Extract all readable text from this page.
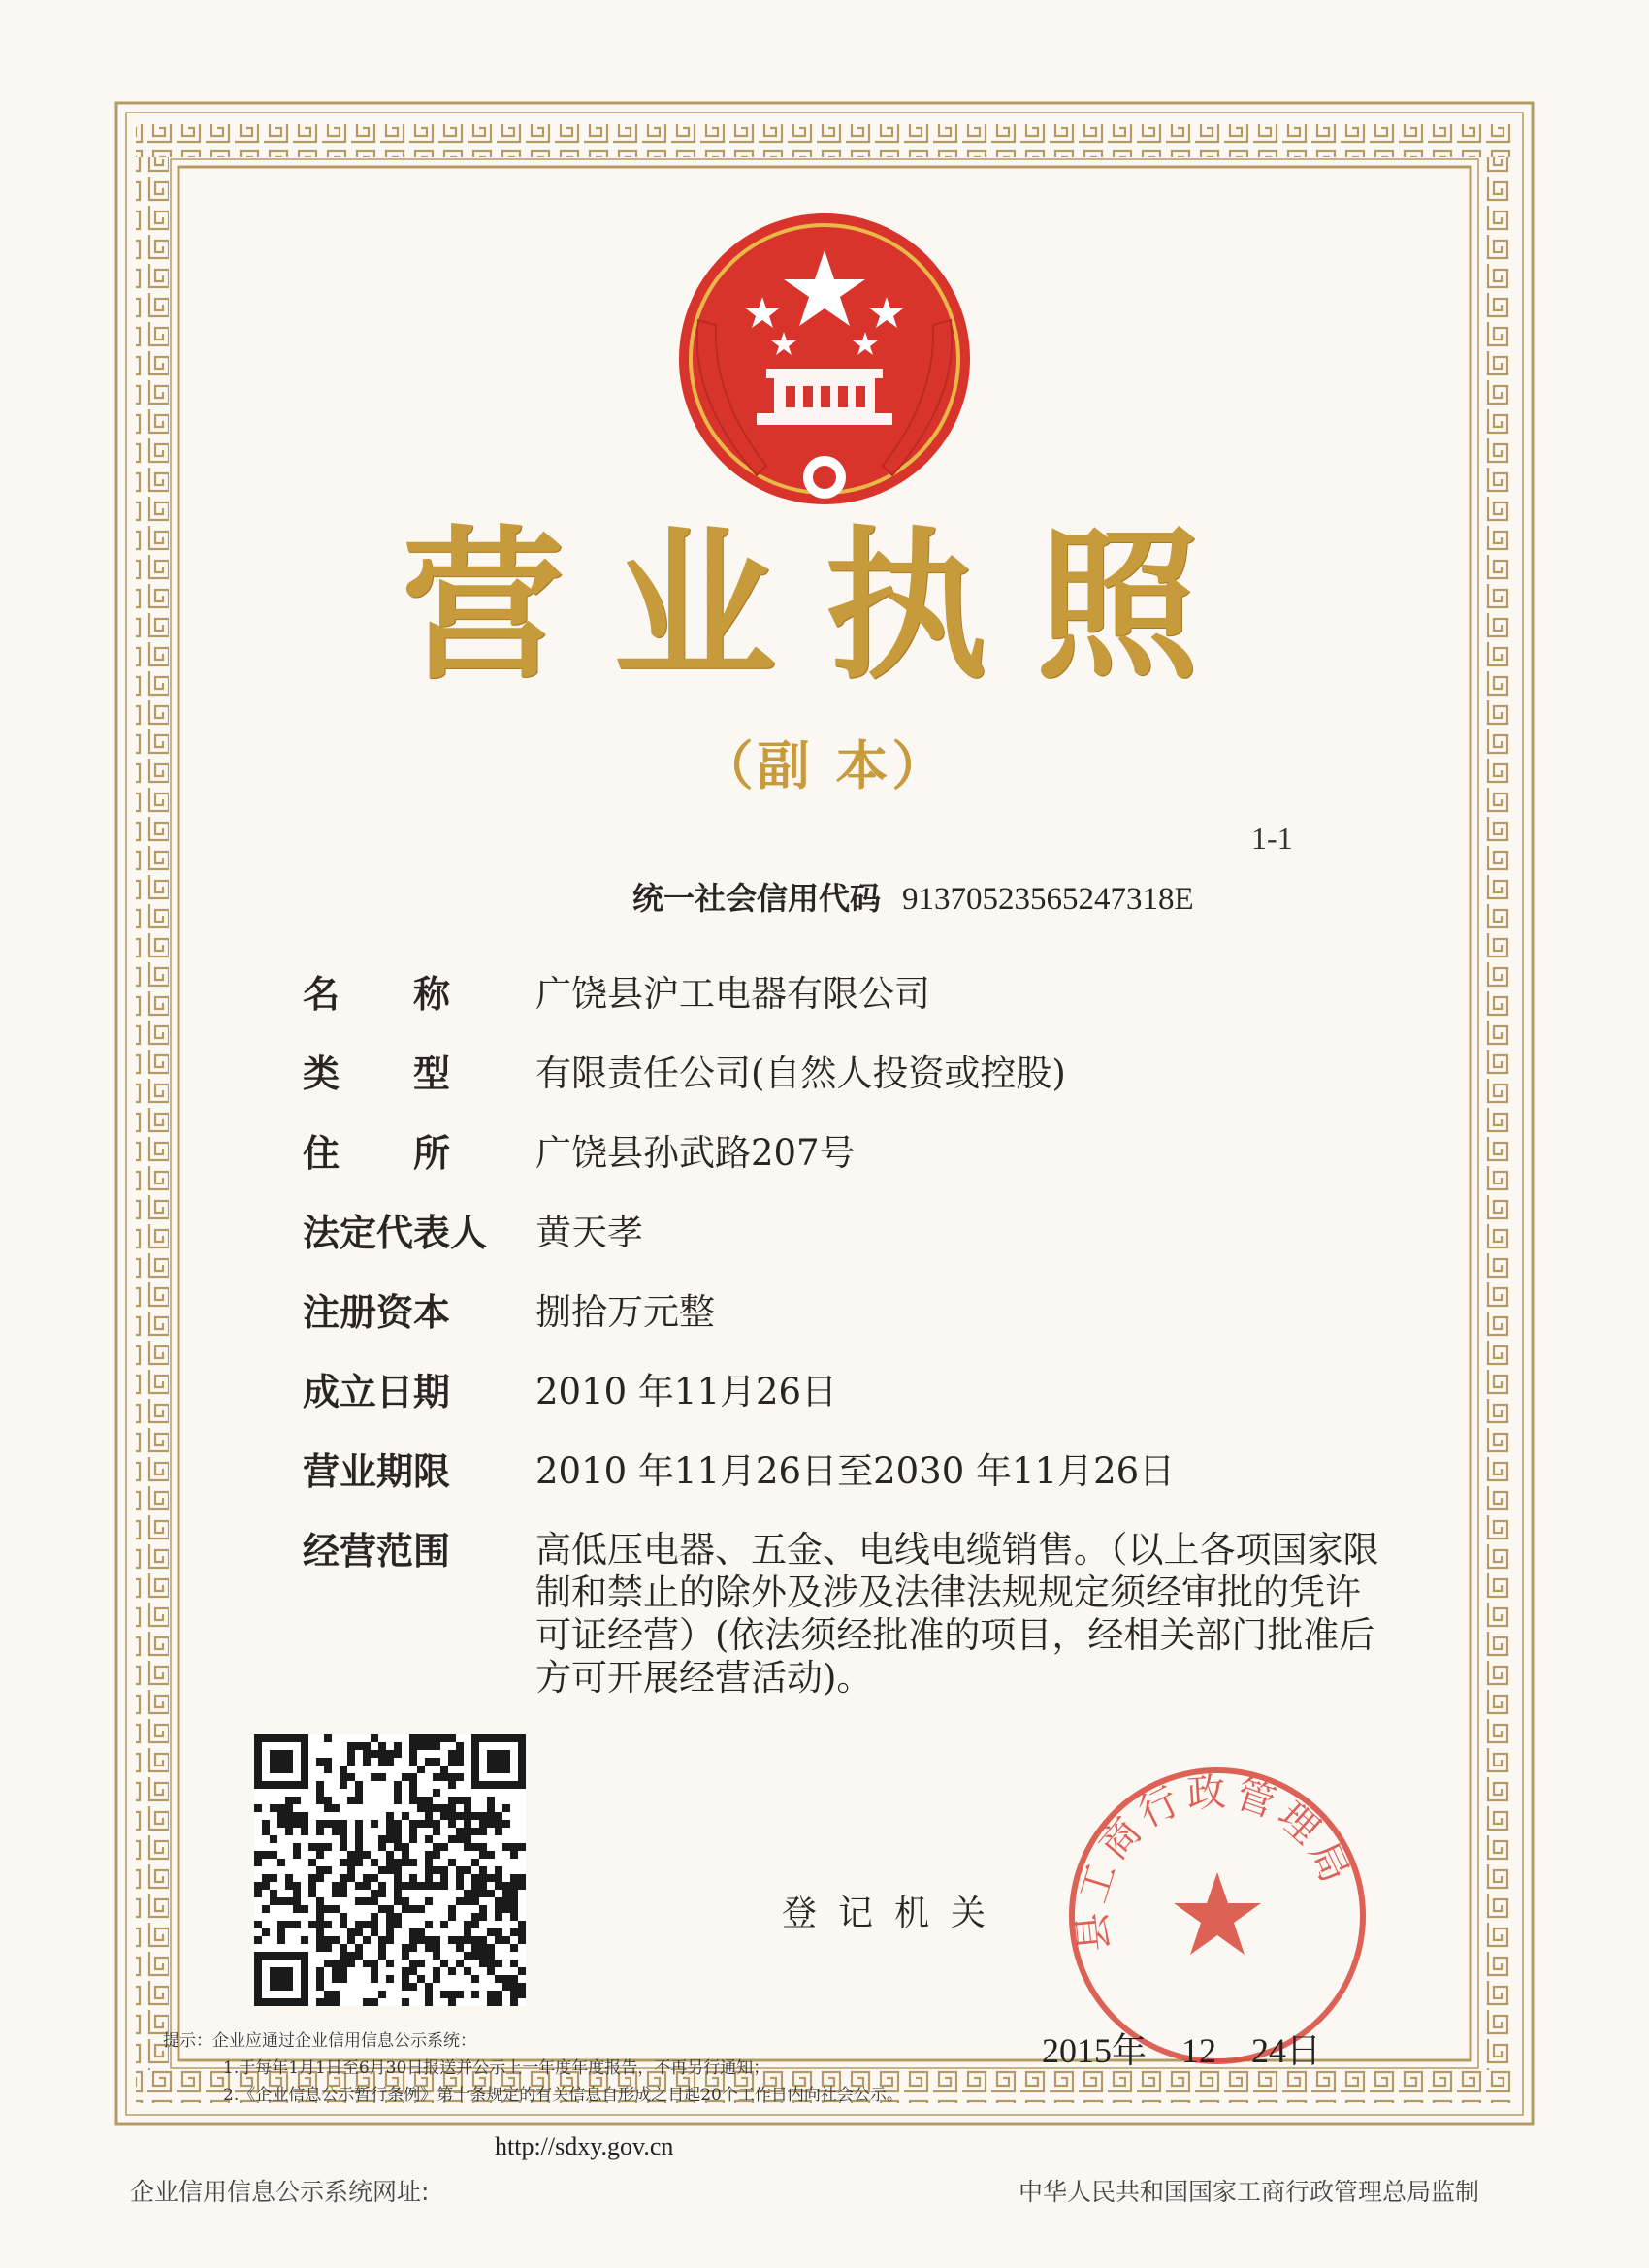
营业执照
（副 本）
1-1
统一社会信用代码 91370523565247318E
名　　称	广饶县沪工电器有限公司
类　　型	有限责任公司(自然人投资或控股)
住　　所	广饶县孙武路207号
法定代表人	黄天孝
注册资本	捌拾万元整
成立日期	2010 年11月26日
营业期限	2010 年11月26日至2030 年11月26日
经营范围	高低压电器、五金、电线电缆销售。（以上各项国家限制和禁止的除外及涉及法律法规规定须经审批的凭许可证经营）(依法须经批准的项目，经相关部门批准后方可开展经营活动)。
登记机关 县工商行政管理局
2015年　12　24日
提示：企业应通过企业信用信息公示系统：
1.于每年1月1日至6月30日报送并公示上一年度年度报告，不再另行通知；
2.《企业信息公示暂行条例》第十条规定的有关信息自形成之日起20个工作日内向社会公示。
http://sdxy.gov.cn
企业信用信息公示系统网址:	中华人民共和国国家工商行政管理总局监制
